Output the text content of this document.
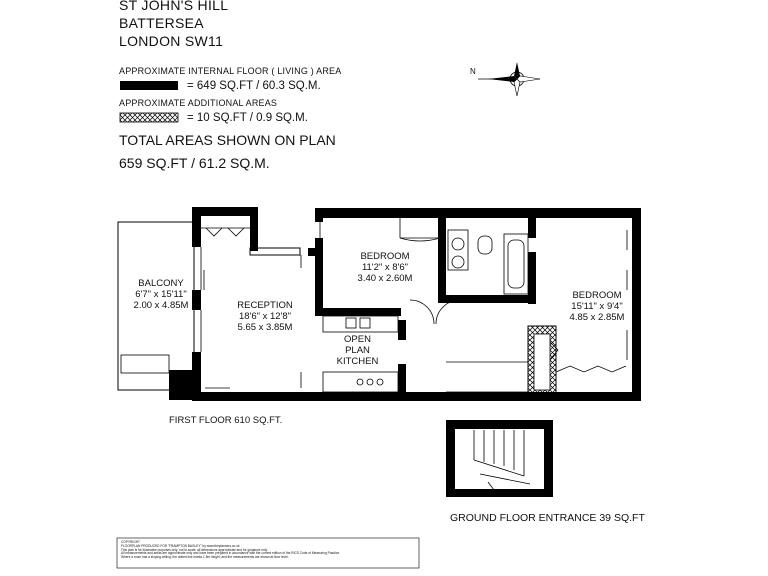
ST JOHN'S HILL
BATTERSEA
LONDON SW11
APPROXIMATE INTERNAL FLOOR ( LIVING ) AREA
= 649 SQ.FT / 60.3 SQ.M.
APPROXIMATE ADDITIONAL AREAS
= 10 SQ.FT / 0.9 SQ.M.
TOTAL AREAS SHOWN ON PLAN
659 SQ.FT / 61.2 SQ.M.
BALCONY
6'7" x 15'11"
2.00 x 4.85M	RECEPTION
18'6" x 12'8"
5.65 x 3.85M
BEDROOM
11'2" x 8'6"
3.40 x 2.60M
OPEN
PLAN
KITCHEN
BEDROOM
15'11" x 9'4"
4.85 x 2.85M
N
FIRST FLOOR 610 SQ.FT.
GROUND FLOOR ENTRANCE 39 SQ.FT
COPYRIGHT
FLOORPLAN PRODUCED FOR "FRAMPTON BAGLEY" by www.theplanners.co.uk
This plan is for illustrative purposes only, not to scale; all dimensions approximate and for guidance only.
All measurements and areas are approximate only and have been prepared in accordance with the current edition of the RICS Code of Measuring Practice.
Where a room has a sloping ceiling, the dotted line marks 1.5m height, and the measurements are shown at floor level.
